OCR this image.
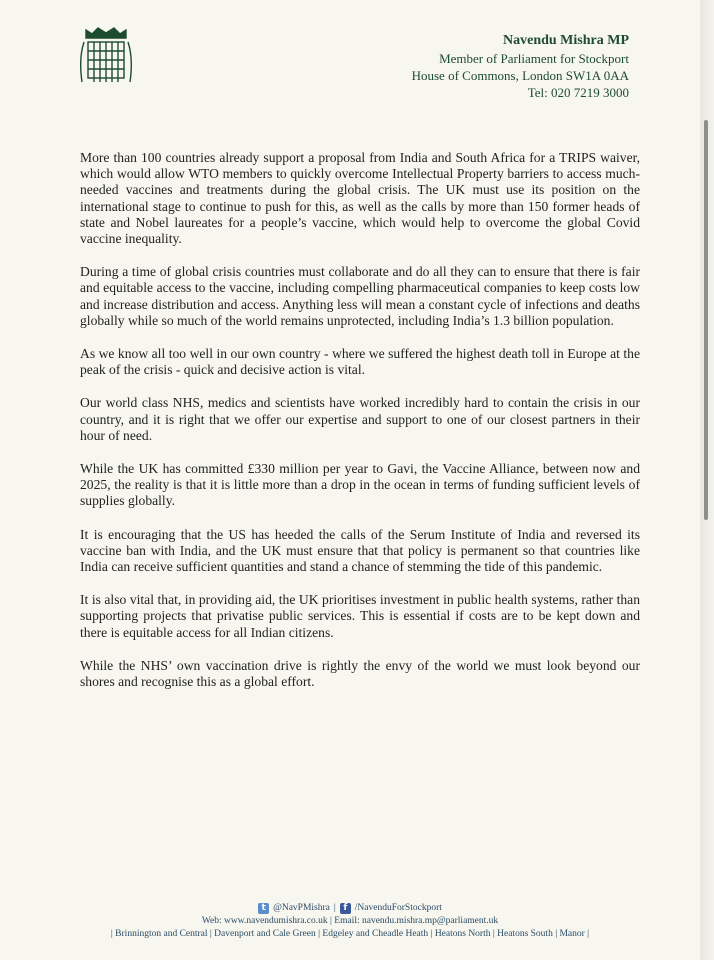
Navendu Mishra MP
Member of Parliament for Stockport
House of Commons, London SW1A 0AA
Tel: 020 7219 3000

More than 100 countries already support a proposal from India and South Africa for a TRIPS waiver, which would allow WTO members to quickly overcome Intellectual Property barriers to access much-needed vaccines and treatments during the global crisis. The UK must use its position on the international stage to continue to push for this, as well as the calls by more than 150 former heads of state and Nobel laureates for a people’s vaccine, which would help to overcome the global Covid vaccine inequality.

During a time of global crisis countries must collaborate and do all they can to ensure that there is fair and equitable access to the vaccine, including compelling pharmaceutical companies to keep costs low and increase distribution and access. Anything less will mean a constant cycle of infections and deaths globally while so much of the world remains unprotected, including India’s 1.3 billion population.

As we know all too well in our own country - where we suffered the highest death toll in Europe at the peak of the crisis - quick and decisive action is vital.

Our world class NHS, medics and scientists have worked incredibly hard to contain the crisis in our country, and it is right that we offer our expertise and support to one of our closest partners in their hour of need.

While the UK has committed £330 million per year to Gavi, the Vaccine Alliance, between now and 2025, the reality is that it is little more than a drop in the ocean in terms of funding sufficient levels of supplies globally.

It is encouraging that the US has heeded the calls of the Serum Institute of India and reversed its vaccine ban with India, and the UK must ensure that that policy is permanent so that countries like India can receive sufficient quantities and stand a chance of stemming the tide of this pandemic.

It is also vital that, in providing aid, the UK prioritises investment in public health systems, rather than supporting projects that privatise public services. This is essential if costs are to be kept down and there is equitable access for all Indian citizens.

While the NHS’ own vaccination drive is rightly the envy of the world we must look beyond our shores and recognise this as a global effort.

t @NavPMishra | f /NavenduForStockport
Web: www.navendumishra.co.uk | Email: navendu.mishra.mp@parliament.uk
| Brinnington and Central | Davenport and Cale Green | Edgeley and Cheadle Heath | Heatons North | Heatons South | Manor |
